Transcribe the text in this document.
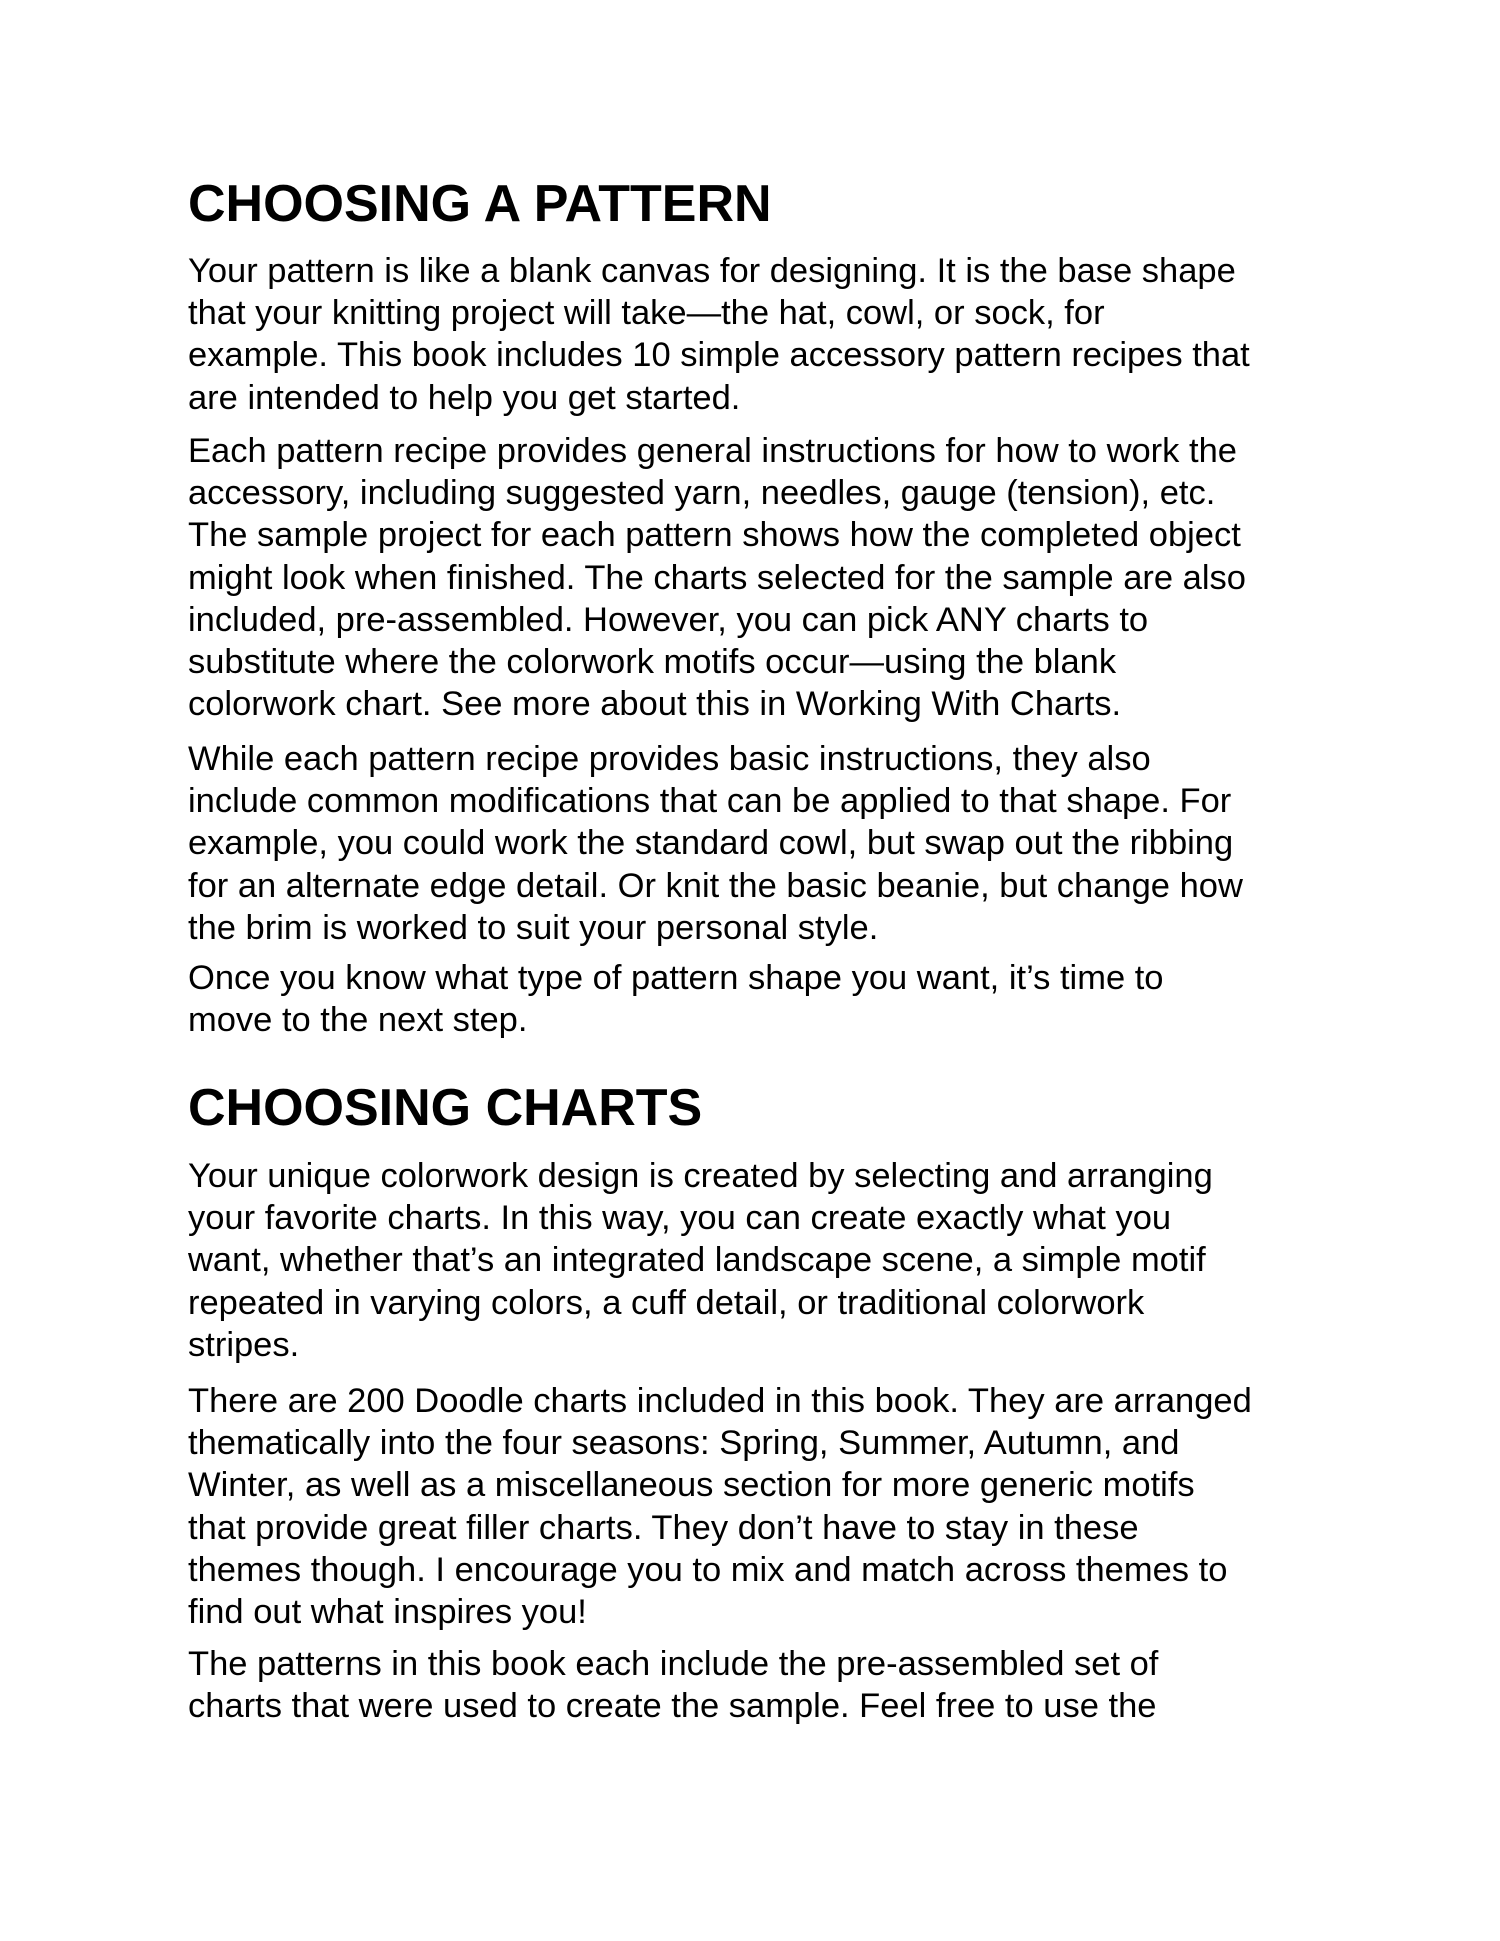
CHOOSING A PATTERN

Your pattern is like a blank canvas for designing. It is the base shape
that your knitting project will take—the hat, cowl, or sock, for
example. This book includes 10 simple accessory pattern recipes that
are intended to help you get started.

Each pattern recipe provides general instructions for how to work the
accessory, including suggested yarn, needles, gauge (tension), etc.
The sample project for each pattern shows how the completed object
might look when finished. The charts selected for the sample are also
included, pre-assembled. However, you can pick ANY charts to
substitute where the colorwork motifs occur—using the blank
colorwork chart. See more about this in Working With Charts.

While each pattern recipe provides basic instructions, they also
include common modifications that can be applied to that shape. For
example, you could work the standard cowl, but swap out the ribbing
for an alternate edge detail. Or knit the basic beanie, but change how
the brim is worked to suit your personal style.

Once you know what type of pattern shape you want, it’s time to
move to the next step.

CHOOSING CHARTS

Your unique colorwork design is created by selecting and arranging
your favorite charts. In this way, you can create exactly what you
want, whether that’s an integrated landscape scene, a simple motif
repeated in varying colors, a cuff detail, or traditional colorwork
stripes.

There are 200 Doodle charts included in this book. They are arranged
thematically into the four seasons: Spring, Summer, Autumn, and
Winter, as well as a miscellaneous section for more generic motifs
that provide great filler charts. They don’t have to stay in these
themes though. I encourage you to mix and match across themes to
find out what inspires you!

The patterns in this book each include the pre-assembled set of
charts that were used to create the sample. Feel free to use the
